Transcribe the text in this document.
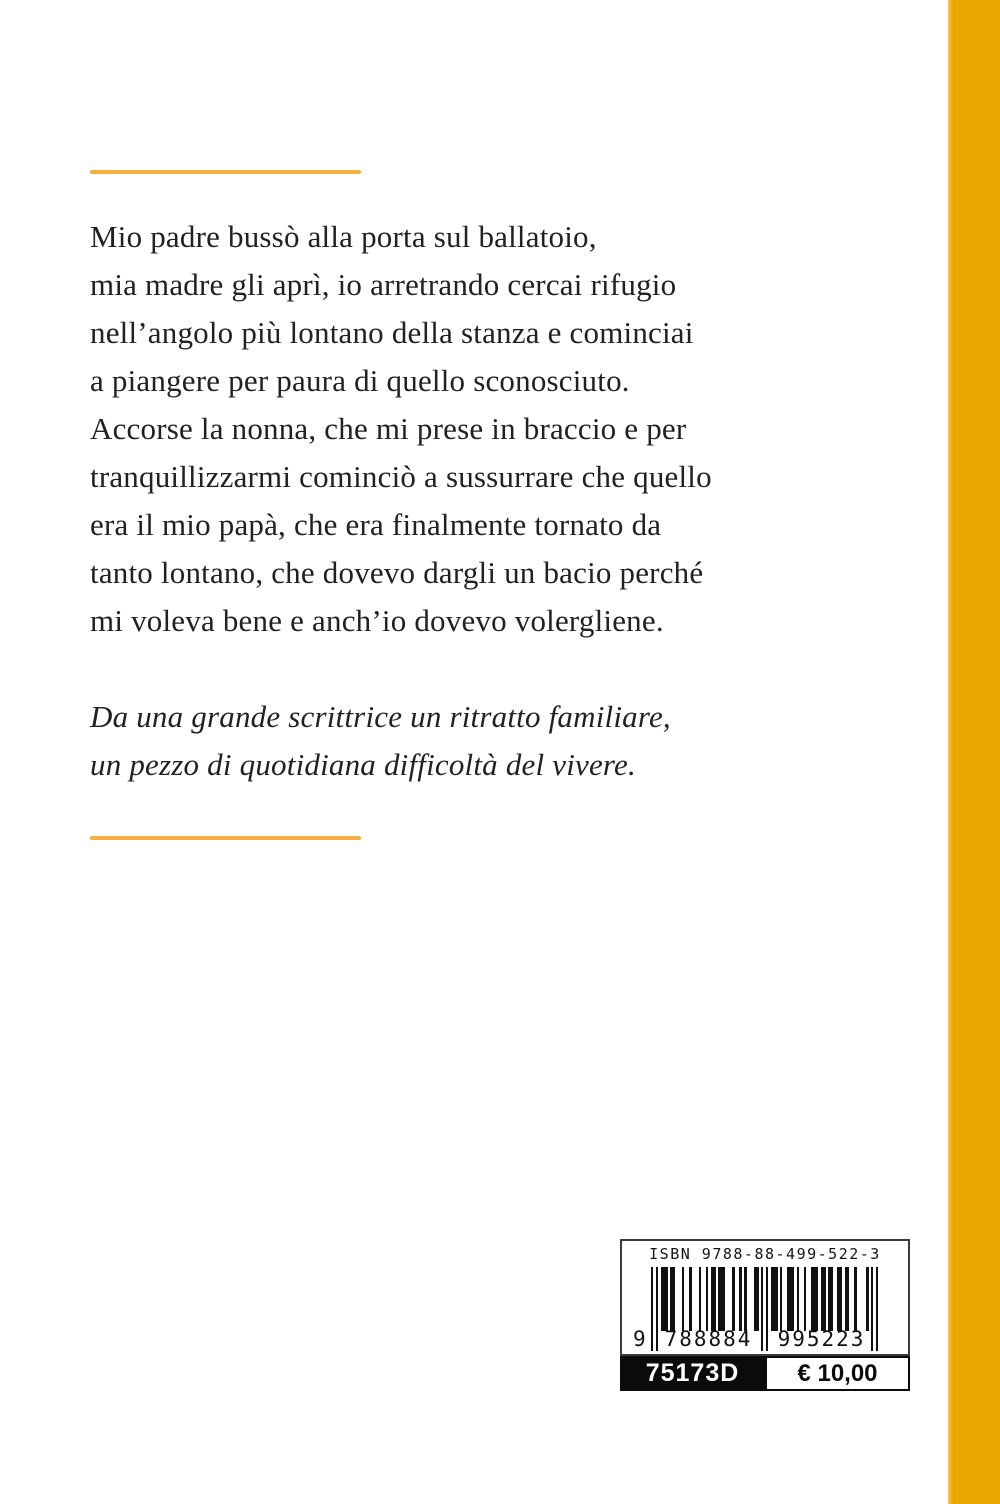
Mio padre bussò alla porta sul ballatoio,
mia madre gli aprì, io arretrando cercai rifugio
nell’angolo più lontano della stanza e cominciai
a piangere per paura di quello sconosciuto.
Accorse la nonna, che mi prese in braccio e per
tranquillizzarmi cominciò a sussurrare che quello
era il mio papà, che era finalmente tornato da
tanto lontano, che dovevo dargli un bacio perché
mi voleva bene e anch’io dovevo volergliene.
Da una grande scrittrice un ritratto familiare,
un pezzo di quotidiana difficoltà del vivere.
ISBN 9788-88-499-522-3
9 788884 995223
75173D	€ 10,00
